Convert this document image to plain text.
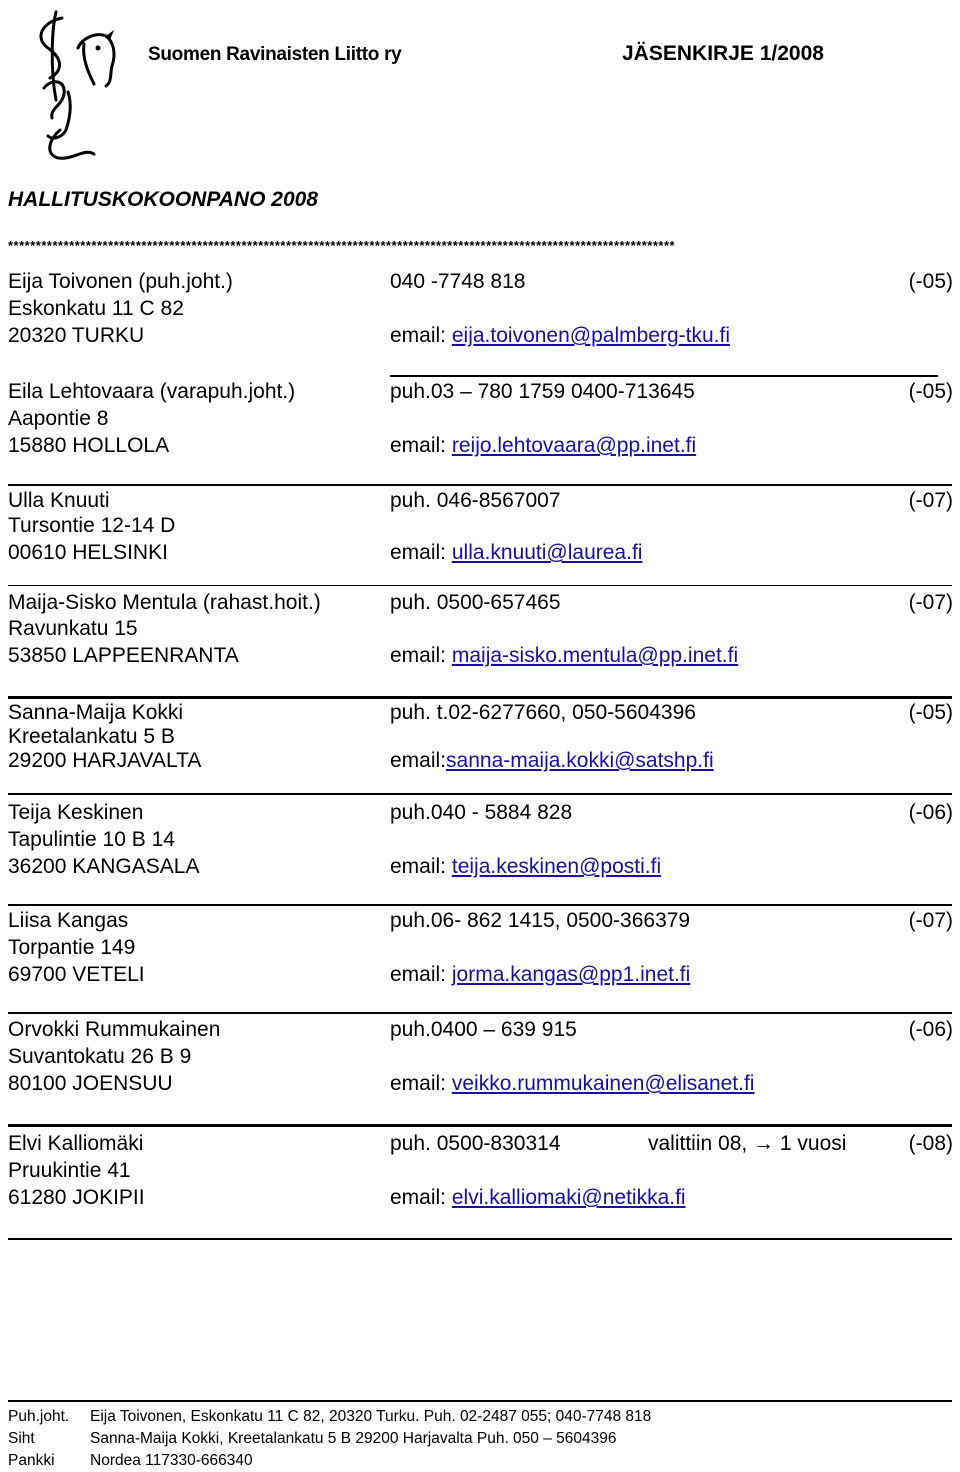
Suomen Ravinaisten Liitto ry	JÄSENKIRJE 1/2008
HALLITUSKOKOONPANO 2008
************************************************************************************************************************
Eija Toivonen (puh.joht.)
Eskonkatu 11 C 82
20320 TURKU
040 -7748 818	(-05)
email: eija.toivonen@palmberg-tku.fi
Eila Lehtovaara (varapuh.joht.)
Aapontie 8
15880 HOLLOLA
puh.03 – 780 1759 0400-713645	(-05)
email: reijo.lehtovaara@pp.inet.fi
Ulla Knuuti
Tursontie 12-14 D
00610 HELSINKI
puh. 046-8567007	(-07)
email: ulla.knuuti@laurea.fi
Maija-Sisko Mentula (rahast.hoit.)
Ravunkatu 15
53850 LAPPEENRANTA
puh. 0500-657465	(-07)
email: maija-sisko.mentula@pp.inet.fi
Sanna-Maija Kokki
Kreetalankatu 5 B
29200 HARJAVALTA
puh. t.02-6277660, 050-5604396	(-05)
email:sanna-maija.kokki@satshp.fi
Teija Keskinen
Tapulintie 10 B 14
36200 KANGASALA
puh.040 - 5884 828	(-06)
email: teija.keskinen@posti.fi
Liisa Kangas
Torpantie 149
69700 VETELI
puh.06- 862 1415, 0500-366379	(-07)
email: jorma.kangas@pp1.inet.fi
Orvokki Rummukainen
Suvantokatu 26 B 9
80100 JOENSUU
puh.0400 – 639 915	(-06)
email: veikko.rummukainen@elisanet.fi
Elvi Kalliomäki
Pruukintie 41
61280 JOKIPII
puh. 0500-830314	valittiin 08, → 1 vuosi	(-08)
email: elvi.kalliomaki@netikka.fi
Puh.joht. Eija Toivonen, Eskonkatu 11 C 82, 20320 Turku. Puh. 02-2487 055; 040-7748 818
Siht	Sanna-Maija Kokki, Kreetalankatu 5 B 29200 Harjavalta Puh. 050 – 5604396
Pankki Nordea 117330-666340
